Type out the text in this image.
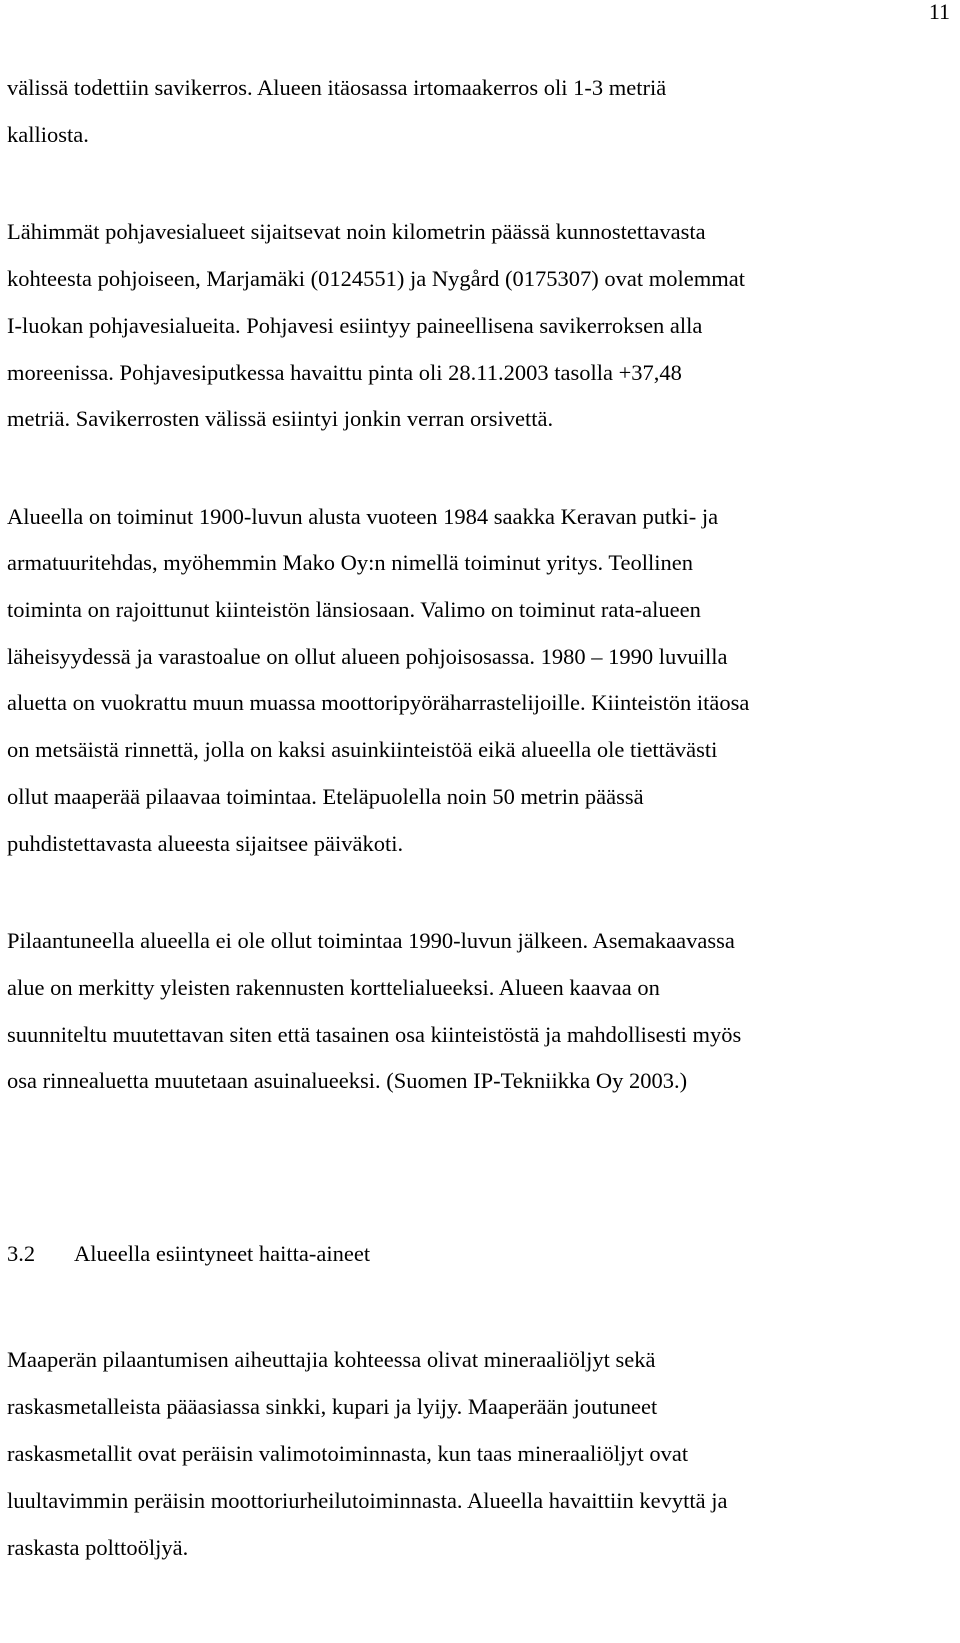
11
välissä todettiin savikerros. Alueen itäosassa irtomaakerros oli 1-3 metriä
kalliosta.
Lähimmät pohjavesialueet sijaitsevat noin kilometrin päässä kunnostettavasta
kohteesta pohjoiseen, Marjamäki (0124551) ja Nygård (0175307) ovat molemmat
I-luokan pohjavesialueita. Pohjavesi esiintyy paineellisena savikerroksen alla
moreenissa. Pohjavesiputkessa havaittu pinta oli 28.11.2003 tasolla +37,48
metriä. Savikerrosten välissä esiintyi jonkin verran orsivettä.
Alueella on toiminut 1900-luvun alusta vuoteen 1984 saakka Keravan putki- ja
armatuuritehdas, myöhemmin Mako Oy:n nimellä toiminut yritys. Teollinen
toiminta on rajoittunut kiinteistön länsiosaan. Valimo on toiminut rata-alueen
läheisyydessä ja varastoalue on ollut alueen pohjoisosassa. 1980 – 1990 luvuilla
aluetta on vuokrattu muun muassa moottoripyöräharrastelijoille. Kiinteistön itäosa
on metsäistä rinnettä, jolla on kaksi asuinkiinteistöä eikä alueella ole tiettävästi
ollut maaperää pilaavaa toimintaa. Eteläpuolella noin 50 metrin päässä
puhdistettavasta alueesta sijaitsee päiväkoti.
Pilaantuneella alueella ei ole ollut toimintaa 1990-luvun jälkeen. Asemakaavassa
alue on merkitty yleisten rakennusten korttelialueeksi. Alueen kaavaa on
suunniteltu muutettavan siten että tasainen osa kiinteistöstä ja mahdollisesti myös
osa rinnealuetta muutetaan asuinalueeksi. (Suomen IP-Tekniikka Oy 2003.)
3.2 Alueella esiintyneet haitta-aineet
Maaperän pilaantumisen aiheuttajia kohteessa olivat mineraaliöljyt sekä
raskasmetalleista pääasiassa sinkki, kupari ja lyijy. Maaperään joutuneet
raskasmetallit ovat peräisin valimotoiminnasta, kun taas mineraaliöljyt ovat
luultavimmin peräisin moottoriurheilutoiminnasta. Alueella havaittiin kevyttä ja
raskasta polttoöljyä.
